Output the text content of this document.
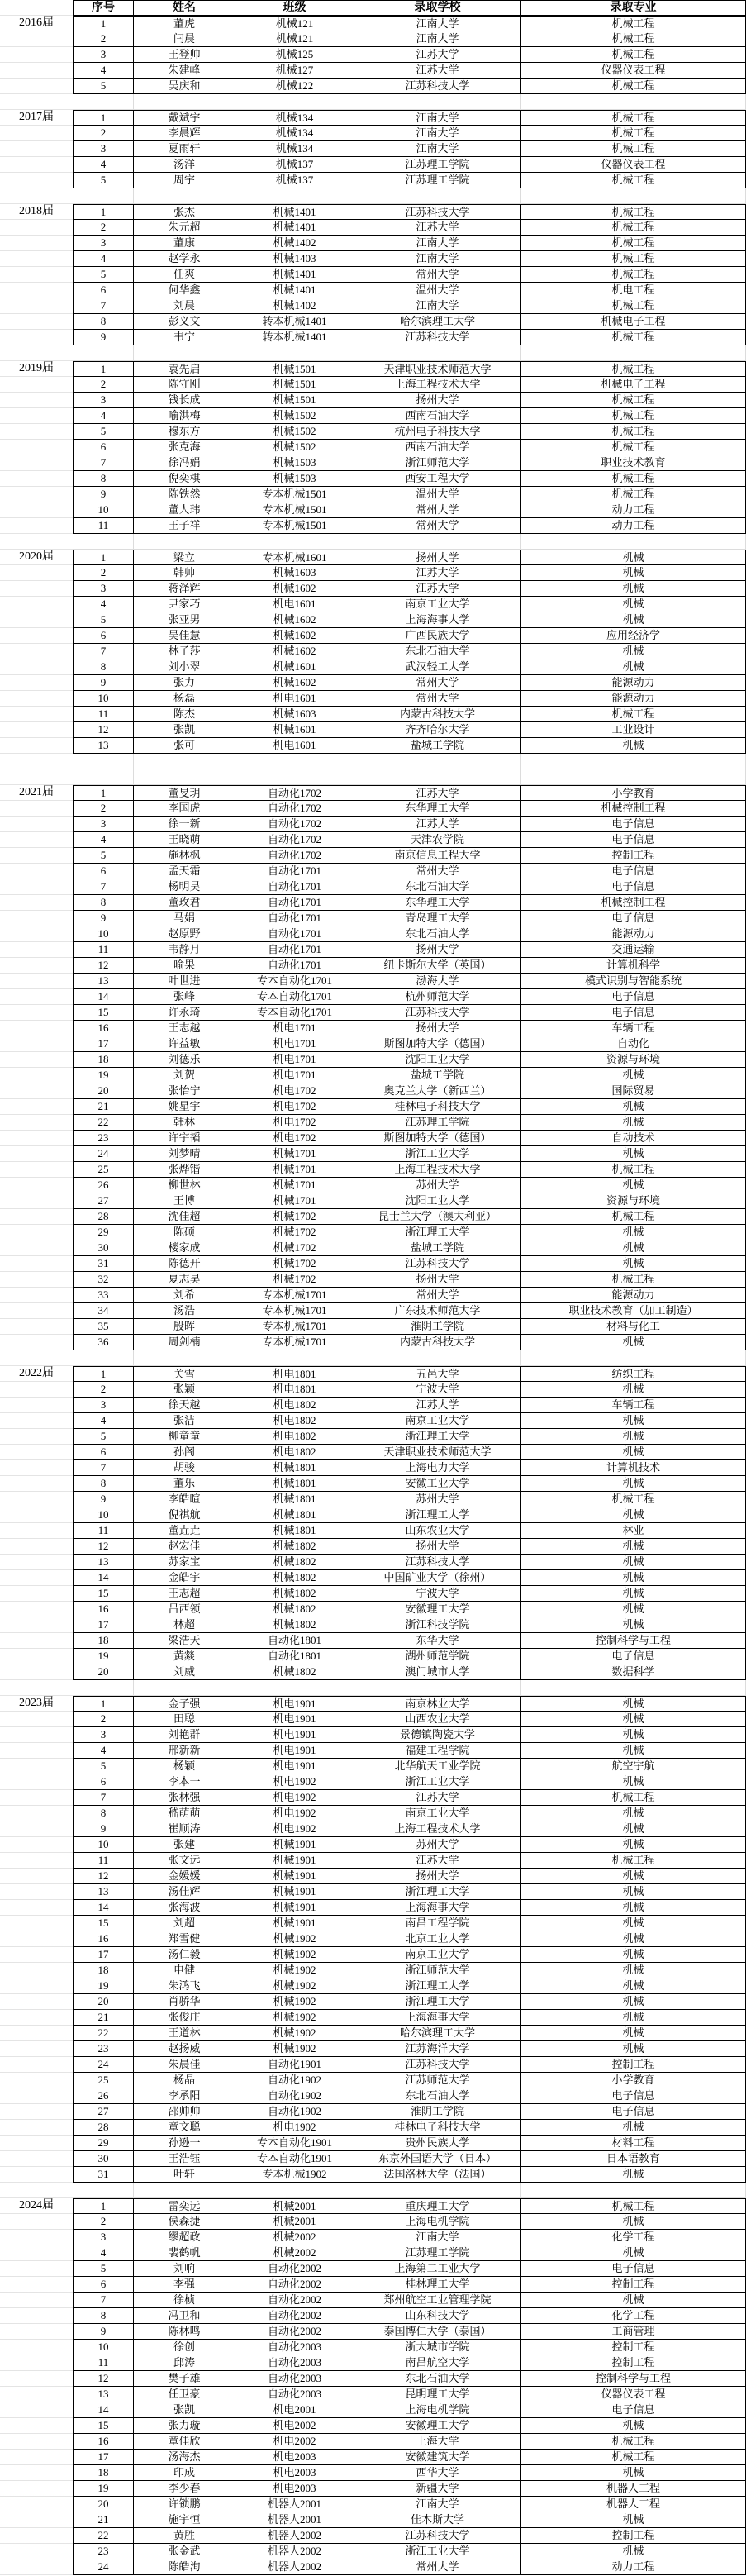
序号	姓名	班级	录取学校	录取专业
2016届	1	董虎	机械121	江南大学	机械工程
2	闫晨	机械121	江南大学	机械工程
3	王登帅	机械125	江苏大学	机械工程
4	朱建峰	机械127	江苏大学	仪器仪表工程
5	吴庆和	机械122	江苏科技大学	机械工程
2017届	1	戴斌宇	机械134	江南大学	机械工程
2	李晨辉	机械134	江南大学	机械工程
3	夏雨轩	机械134	江南大学	机械工程
4	汤洋	机械137	江苏理工学院	仪器仪表工程
5	周宇	机械137	江苏理工学院	机械工程
2018届	1	张杰	机械1401	江苏科技大学	机械工程
2	朱元超	机械1401	江苏大学	机械工程
3	董康	机械1402	江南大学	机械工程
4	赵学永	机械1403	江南大学	机械工程
5	任爽	机械1401	常州大学	机械工程
6	何华鑫	机械1401	温州大学	机电工程
7	刘晨	机械1402	江南大学	机械工程
8	彭义文	转本机械1401	哈尔滨理工大学	机械电子工程
9	韦宁	转本机械1401	江苏科技大学	机械工程
2019届	1	袁先启	机械1501	天津职业技术师范大学	机械工程
2	陈守刚	机械1501	上海工程技术大学	机械电子工程
3	钱长成	机械1501	扬州大学	机械工程
4	喻洪梅	机械1502	西南石油大学	机械工程
5	穆东方	机械1502	杭州电子科技大学	机械工程
6	张克海	机械1502	西南石油大学	机械工程
7	徐冯娟	机械1503	浙江师范大学	职业技术教育
8	倪奕棋	机械1503	西安工程大学	机械工程
9	陈铁然	专本机械1501	温州大学	机械工程
10	董人玮	专本机械1501	常州大学	动力工程
11	王子祥	专本机械1501	常州大学	动力工程
2020届	1	梁立	专本机械1601	扬州大学	机械
2	韩帅	机械1603	江苏大学	机械
3	蒋泽辉	机械1602	江苏大学	机械
4	尹家巧	机电1601	南京工业大学	机械
5	张亚男	机械1602	上海海事大学	机械
6	吴佳慧	机械1602	广西民族大学	应用经济学
7	林子莎	机械1602	东北石油大学	机械
8	刘小翠	机械1601	武汉轻工大学	机械
9	张力	机械1602	常州大学	能源动力
10	杨磊	机电1601	常州大学	能源动力
11	陈杰	机械1603	内蒙古科技大学	机械工程
12	张凯	机械1601	齐齐哈尔大学	工业设计
13	张可	机电1601	盐城工学院	机械
2021届	1	董旻玥	自动化1702	江苏大学	小学教育
2	李国虎	自动化1702	东华理工大学	机械控制工程
3	徐一新	自动化1702	江苏大学	电子信息
4	王晓萌	自动化1702	天津农学院	电子信息
5	施林枫	自动化1702	南京信息工程大学	控制工程
6	孟天霜	自动化1701	常州大学	电子信息
7	杨明昊	自动化1701	东北石油大学	电子信息
8	董玫君	自动化1701	东华理工大学	机械控制工程
9	马娟	自动化1701	青岛理工大学	电子信息
10	赵原野	自动化1701	东北石油大学	能源动力
11	韦静月	自动化1701	扬州大学	交通运输
12	喻果	自动化1701	纽卡斯尔大学（英国）	计算机科学
13	叶世进	专本自动化1701	渤海大学	模式识别与智能系统
14	张峰	专本自动化1701	杭州师范大学	电子信息
15	许永琦	专本自动化1701	江苏科技大学	电子信息
16	王志越	机电1701	扬州大学	车辆工程
17	许益敏	机电1701	斯图加特大学（德国）	自动化
18	刘德乐	机电1701	沈阳工业大学	资源与环境
19	刘贺	机电1701	盐城工学院	机械
20	张怡宁	机电1702	奥克兰大学（新西兰）	国际贸易
21	姚星宇	机电1702	桂林电子科技大学	机械
22	韩林	机电1702	江苏理工学院	机械
23	许宇韬	机电1702	斯图加特大学（德国）	自动技术
24	刘梦晴	机械1701	浙江工业大学	机械
25	张烨锴	机械1701	上海工程技术大学	机械工程
26	柳世林	机械1701	苏州大学	机械
27	王博	机械1701	沈阳工业大学	资源与环境
28	沈佳超	机械1702	昆士兰大学（澳大利亚）	机械工程
29	陈硕	机械1702	浙江理工大学	机械
30	楼家成	机械1702	盐城工学院	机械
31	陈德开	机械1702	江苏科技大学	机械
32	夏志昊	机械1702	扬州大学	机械工程
33	刘希	专本机械1701	常州大学	能源动力
34	汤浩	专本机械1701	广东技术师范大学	职业技术教育（加工制造）
35	殷晖	专本机械1701	淮阴工学院	材料与化工
36	周剑楠	专本机械1701	内蒙古科技大学	机械
2022届	1	关雪	机电1801	五邑大学	纺织工程
2	张颖	机电1801	宁波大学	机械
3	徐天越	机电1802	江苏大学	车辆工程
4	张洁	机电1802	南京工业大学	机械
5	柳童童	机电1802	浙江理工大学	机械
6	孙阁	机电1802	天津职业技术师范大学	机械
7	胡骏	机械1801	上海电力大学	计算机技术
8	董乐	机械1801	安徽工业大学	机械
9	李皓暄	机械1801	苏州大学	机械工程
10	倪祺航	机械1801	浙江理工大学	机械
11	董垚垚	机械1801	山东农业大学	林业
12	赵宏佳	机械1802	扬州大学	机械
13	苏家宝	机械1802	江苏科技大学	机械
14	金皓宇	机械1802	中国矿业大学（徐州）	机械
15	王志超	机械1802	宁波大学	机械
16	吕西领	机械1802	安徽理工大学	机械
17	林超	机械1802	浙江科技学院	机械
18	梁浩天	自动化1801	东华大学	控制科学与工程
19	黄燚	自动化1801	湖州师范学院	电子信息
20	刘威	机械1802	澳门城市大学	数据科学
2023届	1	金子强	机电1901	南京林业大学	机械
2	田聪	机电1901	山西农业大学	机械
3	刘艳群	机电1901	景德镇陶瓷大学	机械
4	邢新新	机电1901	福建工程学院	机械
5	杨颖	机电1901	北华航天工业学院	航空宇航
6	李本一	机电1902	浙江工业大学	机械
7	张林强	机电1902	江苏大学	机械工程
8	嵇萌萌	机电1902	南京工业大学	机械
9	崔顺涛	机电1902	上海工程技术大学	机械
10	张建	机械1901	苏州大学	机械
11	张文远	机械1901	江苏大学	机械工程
12	金媛媛	机械1901	扬州大学	机械
13	汤佳辉	机械1901	浙江理工大学	机械
14	张海波	机械1901	上海海事大学	机械
15	刘超	机械1901	南昌工程学院	机械
16	郑雪健	机械1902	北京工业大学	机械
17	汤仁毅	机械1902	南京工业大学	机械
18	申健	机械1902	浙江师范大学	机械
19	朱鸿飞	机械1902	浙江理工大学	机械
20	肖骄华	机械1902	浙江理工大学	机械
21	张俊庄	机械1902	上海海事大学	机械
22	王道林	机械1902	哈尔滨理工大学	机械
23	赵扬威	机械1902	江苏海洋大学	机械
24	朱晨佳	自动化1901	江苏科技大学	控制工程
25	杨晶	自动化1902	江苏师范大学	小学教育
26	李承阳	自动化1902	东北石油大学	电子信息
27	邵帅帅	自动化1902	淮阴工学院	电子信息
28	章文聪	机电1902	桂林电子科技大学	机械
29	孙逊一	专本自动化1901	贵州民族大学	材料工程
30	王浩钰	专本自动化1901	东京外国语大学（日本）	日本语教育
31	叶轩	专本机械1902	法国洛林大学（法国）	机械
2024届	1	雷奕远	机械2001	重庆理工大学	机械工程
2	侯森捷	机械2001	上海电机学院	机械
3	缪超政	机械2002	江南大学	化学工程
4	裴鹤帆	机械2002	江苏理工学院	机械
5	刘响	自动化2002	上海第二工业大学	电子信息
6	李强	自动化2002	桂林理工大学	控制工程
7	徐桢	自动化2002	郑州航空工业管理学院	机械
8	冯卫和	自动化2002	山东科技大学	化学工程
9	陈林鸣	自动化2002	泰国博仁大学（泰国）	工商管理
10	徐创	自动化2003	浙大城市学院	控制工程
11	邱涛	自动化2003	南昌航空大学	控制工程
12	樊子雄	自动化2003	东北石油大学	控制科学与工程
13	任卫豪	自动化2003	昆明理工大学	仪器仪表工程
14	张凯	机电2001	上海电机学院	电子信息
15	张力璇	机电2002	安徽理工大学	机械
16	章佳欣	机电2002	上海大学	机械工程
17	汤海杰	机电2003	安徽建筑大学	机械工程
18	印成	机电2003	西华大学	机械
19	李少春	机电2003	新疆大学	机器人工程
20	许锁鹏	机器人2001	江南大学	机器人工程
21	施宇恒	机器人2001	佳木斯大学	机械
22	黄胜	机器人2002	江苏科技大学	控制工程
23	张金武	机器人2002	浙江工业大学	机械
24	陈皓洵	机器人2002	常州大学	动力工程
